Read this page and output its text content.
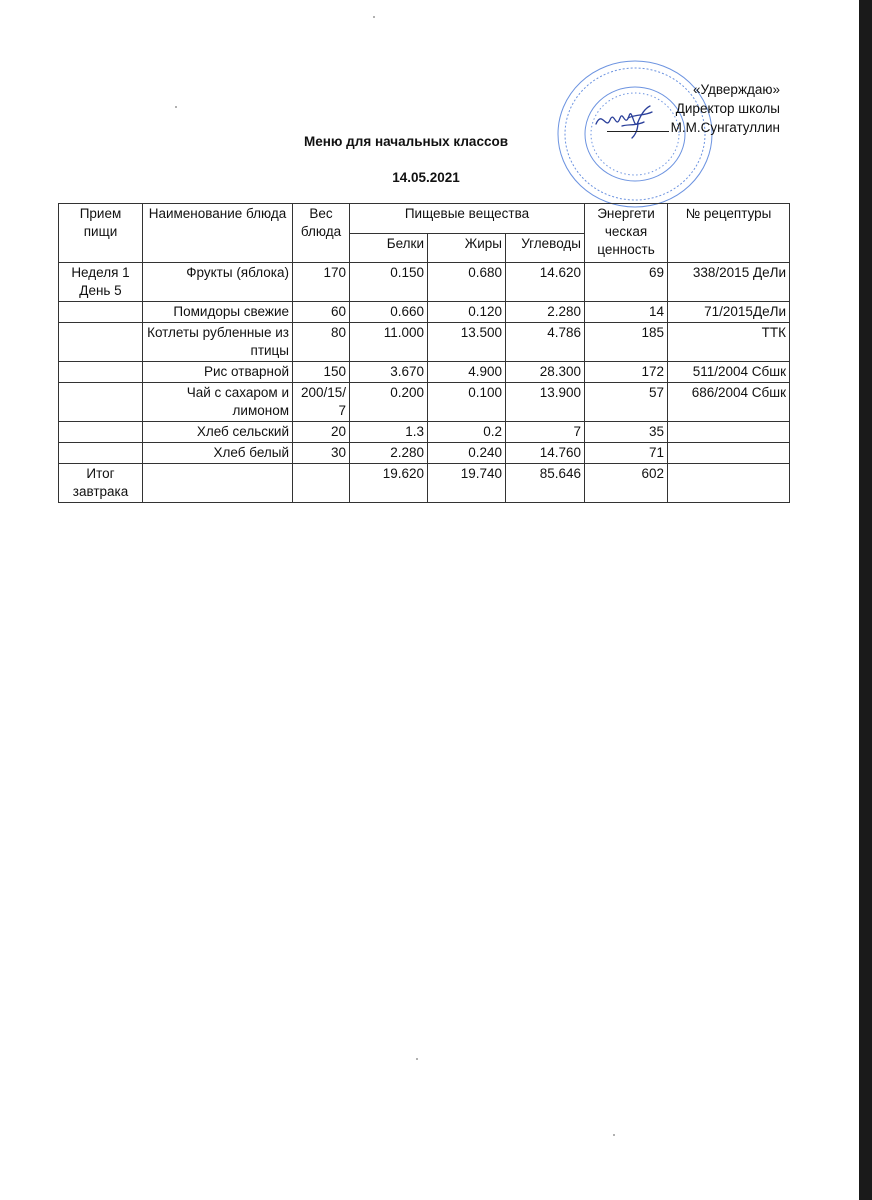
«Удверждаю»
Директор школы
М.М.Сунгатуллин
Меню для начальных классов
14.05.2021
Прием пищи	Наименование блюда	Вес блюда	Пищевые вещества			Энергети ческая ценность	№ рецептуры
			Белки	Жиры	Углеводы		
Неделя 1 День 5	Фрукты (яблока)	170	0.150	0.680	14.620	69	338/2015 ДеЛи
	Помидоры свежие	60	0.660	0.120	2.280	14	71/2015ДеЛи
	Котлеты рубленные из птицы	80	11.000	13.500	4.786	185	ТТК
	Рис отварной	150	3.670	4.900	28.300	172	511/2004 Сбшк
	Чай с сахаром и лимоном	200/15/7	0.200	0.100	13.900	57	686/2004 Сбшк
	Хлеб сельский	20	1.3	0.2	7	35	
	Хлеб белый	30	2.280	0.240	14.760	71	
Итог завтрака			19.620	19.740	85.646	602	
